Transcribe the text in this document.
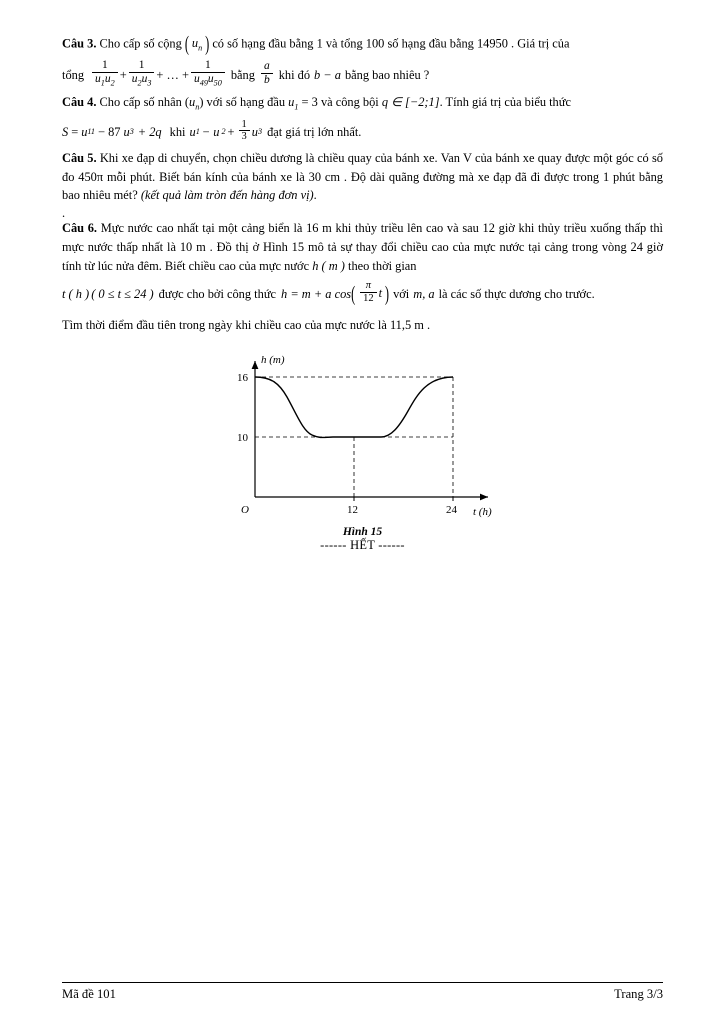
Câu 3. Cho cấp số cộng ( $u_n$ ) có số hạng đầu bằng 1 và tổng 100 số hạng đầu bằng 14950 . Giá trị của
tổng $\frac{1}{u_1u_2} + \frac{1}{u_2u_3}$ + … + $\frac{1}{u_{49}u_{50}}$ bằng $\frac{a}{b}$ khi đó b − a bằng bao nhiêu ?
Câu 4. Cho cấp số nhân $(u_n)$ với số hạng đầu $u_1 = 3$ và công bội q ∈ [−2;1]. Tính giá trị của biểu thức
S = u 11 − 87 u 3 + 2q khi u 1 − u $2 + \frac{1}{3}$ u 3 đạt giá trị lớn nhất.
Câu 5. Khi xe đạp di chuyển, chọn chiều dương là chiều quay của bánh xe. Van V của bánh xe quay được một góc có số đo 450π mỗi phút. Biết bán kính của bánh xe là 30 cm . Độ dài quãng đường mà xe đạp đã đi được trong 1 phút bằng bao nhiêu mét? (kết quả làm tròn đến hàng đơn vị).
.
Câu 6. Mực nước cao nhất tại một cảng biển là 16 m khi thủy triều lên cao và sau 12 giờ khi thủy triều xuống thấp thì mực nước thấp nhất là 10 m . Đồ thị ở Hình 15 mô tả sự thay đổi chiều cao của mực nước tại cảng trong vòng 24 giờ tính từ lúc nửa đêm. Biết chiều cao của mực nước h ( m ) theo thời gian
t ( h ) ( 0 ≤ t ≤ 24 ) được cho bởi công thức h = m + a cos ( $\frac{\pi}{12}$ t ) với m, a là các số thực dương cho trước.
Tìm thời điểm đầu tiên trong ngày khi chiều cao của mực nước là 11,5 m .
16
10
12	24
O
h (m)
t (h)
Hình 15
------ HẾT ------
Mã đề 101	Trang 3/3
